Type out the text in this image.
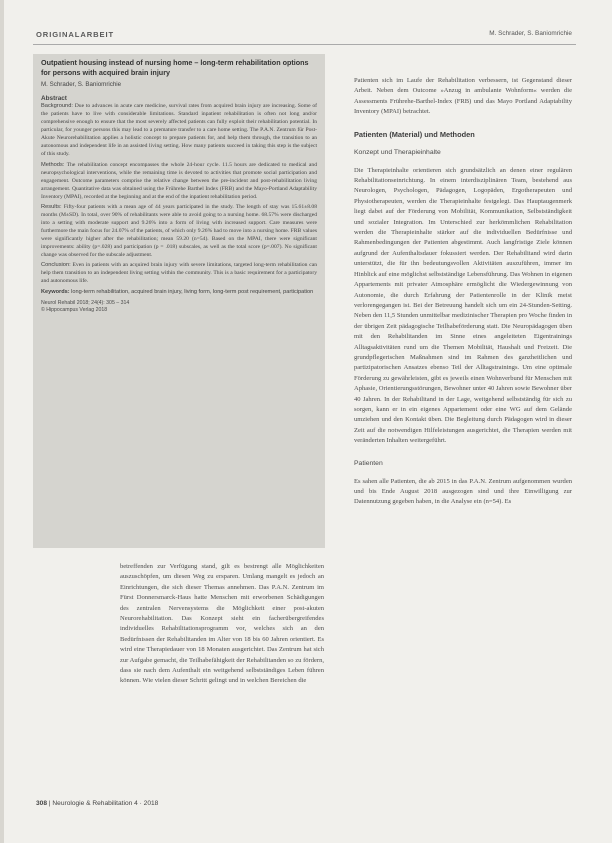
ORIGINALARBEIT	M. Schrader, S. Baniomrichie

Outpatient housing instead of nursing home – long-term rehabilitation options for persons with acquired brain injury

M. Schrader, S. Baniomrichie
Abstract

Background: Due to advances in acute care medicine, survival rates from acquired brain injury are increasing. Some of the patients have to live with considerable limitations. Standard inpatient rehabilitation is often not long and/or comprehensive enough to ensure that the most severely affected patients can fully exploit their rehabilitation potential. In particular, for younger persons this may lead to a premature transfer to a care home setting. The P.A.N. Zentrum für Post-Akute Neurorehabilitation applies a holistic concept to prepare patients for, and help them through, the transition to an autonomous and independent life in an assisted living setting. How many patients succeed in taking this step is the subject of this study.

Methods: The rehabilitation concept encompasses the whole 24-hour cycle. 11.5 hours are dedicated to medical and neuropsychological interventions, while the remaining time is devoted to activities that promote social participation and engagement. Outcome parameters comprise the relative change between the pre-incident and post-rehabilitation living arrangement. Quantitative data was obtained using the Frührehe Barthel Index (FRB) and the Mayo-Portland Adaptability Inventory (MPAI), recorded at the beginning and at the end of the inpatient rehabilitation period.

Results: Fifty-four patients with a mean age of 44 years participated in the study. The length of stay was 15.61±8.08 months (M±SD). In total, over 90% of rehabilitants were able to avoid going to a nursing home. 68.57% were discharged into a setting with moderate support and 9.26% into a form of living with increased support. Care measures were furthermore the main focus for 24.07% of the patients, of which only 9.26% had to move into a nursing home. FRB values were significantly higher after the rehabilitation; mean 59.20 (n=54). Based on the MPAI, there were significant improvements: ability (p=.028) and participation (p = .018) subscales, as well as the total score (p=.007). No significant change was observed for the subscale adjustment.

Conclusion: Even in patients with an acquired brain injury with severe limitations, targeted long-term rehabilitation can help them transition to an independent living setting within the community. This is a basic requirement for a participatory and autonomous life.

Keywords: long-term rehabilitation, acquired brain injury, living form, long-term post requirement, participation
Neurol Rehabil 2018; 24(4): 305 – 314
© Hippocampus Verlag 2018

betreffenden zur Verfügung stand, gilt es bestrengt alle Möglichkeiten auszuschöpfen, um diesen Weg zu ersparen. Umlang mangelt es jedoch an Einrichtungen, die sich dieser Themas annehmen. Das P.A.N. Zentrum im Fürst Donnersmarck-Haus hatte Menschen mit erworbenen Schädigungen des zentralen Nervensystems die Möglichkeit einer post-akuten Neurorehabilitation. Das Konzept sieht ein facherübergreifendes individuelles Rehabilitationsprogramm vor, welches sich an den Bedürfnissen der Rehabilitanden im Alter von 18 bis 60 Jahren orientiert. Es wird eine Therapiedauer von 18 Monaten ausgerichtet. Das Zentrum hat sich zur Aufgabe gemacht, die Teilhabefähigkeit der Rehabilitanden so zu fördern, dass sie nach dem Aufenthalt ein weitgehend selbstständiges Leben führen können. Wie vielen dieser Schritt gelingt und in welchen Bereichen die

Patienten sich im Laufe der Rehabilitation verbessern, ist Gegenstand dieser Arbeit. Neben dem Outcome »Anzug in ambulante Wohnform« werden die Assessments Frührehe-Barthel-Index (FRB) und das Mayo Portland Adaptability Inventory (MPAI) betrachtet.

Patienten (Material) und Methoden
Konzept und Therapieinhalte

Die Therapieinhalte orientieren sich grundsätzlich an denen einer regulären Rehabilitationseinrichtung. In einem interdisziplinären Team, bestehend aus Neurologen, Psychologen, Pädagogen, Logopäden, Ergotherapeuten und Physiotherapeuten, werden die Therapieinhalte festgelegt. Das Hauptaugenmerk liegt dabei auf der Förderung von Mobilität, Kommunikation, Selbstständigkeit und sozialer Integration. Im Unterschied zur herkömmlichen Rehabilitation werden die Therapieinhalte stärker auf die individuellen Bedürfnisse und Rahmenbedingungen der Patienten abgestimmt. Auch langfristige Ziele können aufgrund der Aufenthaltsdauer fokussiert werden. Der Rehabilitand wird darin unterstützt, die für ihn bedeutungsvollen Aktivitäten auszuführen, immer im Hinblick auf eine möglichst selbstständige Lebensführung. Das Wohnen in eigenen Appartements mit privater Atmosphäre ermöglicht die Wiedergewinnung von Autonomie, die durch Erfahrung der Patientenrolle in der Klinik meist verlorengegangen ist. Bei der Betreuung handelt sich um ein 24-Stunden-Setting. Neben den 11,5 Stunden unmittelbar medizinischer Therapien pro Woche finden in der übrigen Zeit pädagogische Teilhabeförderung statt. Die Neuropädagogen üben mit den Rehabilitanden im Sinne eines angeleiteten Eigentrainings Alltagsaktivitäten rund um die Themen Mobilität, Haushalt und Freizeit. Die grundpflegerischen Maßnahmen sind im Rahmen des ganzheitlichen und partizipatorischen Ansatzes ebenso Teil der Alltagstrainings. Um eine optimale Förderung zu gewährleisten, gibt es jeweils einen Wohnverbund für Menschen mit Aphasie, Orientierungsstörungen, Bewohner unter 40 Jahren sowie Bewohner über 40 Jahren. In der Rehabilitand in der Lage, weitgehend selbstständig für sich zu sorgen, kann er in ein eigenes Appartement oder eine WG auf dem Gelände umziehen und den Kontakt üben. Die Begleitung durch Pädagogen wird in dieser Zeit auf die notwendigen Hilfeleistungen ausgerichtet, die Therapien werden mit veränderten Inhalten weitergeführt.

Patienten

Es sahen alle Patienten, die ab 2015 in das P.A.N. Zentrum aufgenommen wurden und bis Ende August 2018 ausgezogen sind und ihre Einwilligung zur Datennutzung gegeben haben, in die Analyse ein (n=54). Es

308 | Neurologie & Rehabilitation 4 · 2018
